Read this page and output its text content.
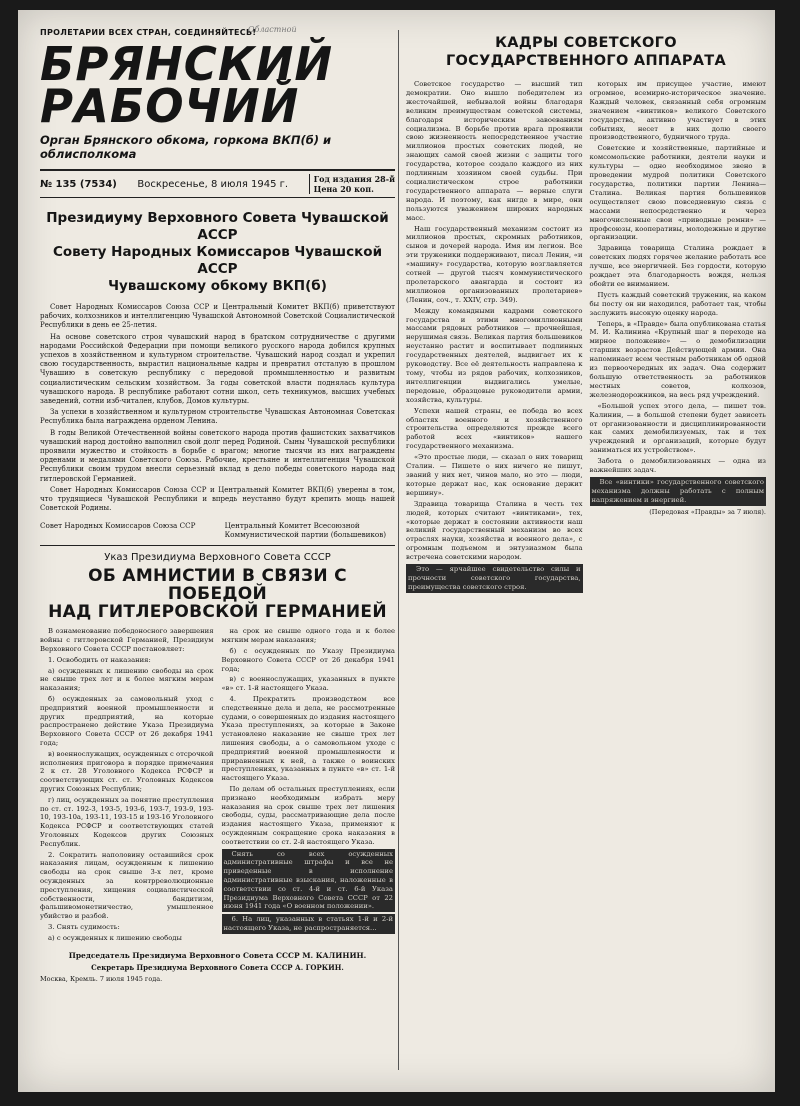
Областной
ПРОЛЕТАРИИ ВСЕХ СТРАН, СОЕДИНЯЙТЕСЬ!
БРЯНСКИЙ
РАБОЧИЙ
Орган Брянского обкома, горкома ВКП(б) и облисполкома
№ 135 (7534)	Воскресенье, 8 июля 1945 г.	Год издания 28-й
Цена 20 коп.
Президиуму Верховного Совета Чувашской АССР
Совету Народных Комиссаров Чувашской АССР
Чувашскому обкому ВКП(б)

Совет Народных Комиссаров Союза ССР и Центральный Комитет ВКП(б) приветствуют рабочих, колхозников и интеллигенцию Чувашской Автономной Советской Социалистической Республики в день ее 25-летия.

На основе советского строя чувашский народ в братском сотрудничестве с другими народами Российской Федерации при помощи великого русского народа добился крупных успехов в хозяйственном и культурном строительстве. Чувашский народ создал и укрепил свою государственность, вырастил национальные кадры и превратил отсталую в прошлом Чувашию в советскую республику с передовой промышленностью и развитым социалистическим сельским хозяйством. За годы советской власти поднялась культура чувашского народа. В республике работают сотни школ, сеть техникумов, высших учебных заведений, сотни изб-читален, клубов, Домов культуры.

За успехи в хозяйственном и культурном строительстве Чувашская Автономная Советская Республика была награждена орденом Ленина.

В годы Великой Отечественной войны советского народа против фашистских захватчиков чувашский народ достойно выполнил свой долг перед Родиной. Сыны Чувашской республики проявили мужество и стойкость в борьбе с врагом; многие тысячи из них награждены орденами и медалями Советского Союза. Рабочие, крестьяне и интеллигенция Чувашской Республики своим трудом внесли серьезный вклад в дело победы советского народа над гитлеровской Германией.

Совет Народных Комиссаров Союза ССР и Центральный Комитет ВКП(б) уверены в том, что трудящиеся Чувашской Республики и впредь неустанно будут крепить мощь нашей Советской Родины.

Совет Народных Комиссаров Союза ССР	Центральный Комитет Всесоюзной Коммунистической партии (большевиков)
Указ Президиума Верховного Совета СССР
ОБ АМНИСТИИ В СВЯЗИ С ПОБЕДОЙ
НАД ГИТЛЕРОВСКОЙ ГЕРМАНИЕЙ

В ознаменование победоносного завершения войны с гитлеровской Германией, Президиум Верховного Совета СССР постановляет:

1. Освободить от наказания:

а) осужденных к лишению свободы на срок не свыше трех лет и к более мягким мерам наказания;

б) осужденных за самовольный уход с предприятий военной промышленности и других предприятий, на которые распространено действие Указа Президиума Верховного Совета СССР от 26 декабря 1941 года;

в) военнослужащих, осужденных с отсрочкой исполнения приговора в порядке примечания 2 к ст. 28 Уголовного Кодекса РСФСР и соответствующих ст. ст. Уголовных Кодексов других Союзных Республик;

г) лиц, осужденных за понятие преступления по ст. ст. 192-3, 193-5, 193-6, 193-7, 193-9, 193-10, 193-10а, 193-11, 193-15 и 193-16 Уголовного Кодекса РСФСР и соответствующих статей Уголовных Кодексов других Союзных Республик.

2. Сократить наполовину оставшийся срок наказания лицам, осужденным к лишению свободы на срок свыше 3-х лет, кроме осужденных за контрреволюционные преступления, хищения социалистической собственности, бандитизм, фальшивомонетничество, умышленное убийство и разбой.

3. Снять судимость:

а) с осужденных к лишению свободы

на срок не свыше одного года и к более мягким мерам наказания;

б) с осужденных по Указу Президиума Верховного Совета СССР от 26 декабря 1941 года;

в) с военнослужащих, указанных в пункте «в» ст. 1-й настоящего Указа.

4. Прекратить производством все следственные дела и дела, не рассмотренные судами, о совершенных до издания настоящего Указа преступлениях, за которые в Законе установлено наказание не свыше трех лет лишения свободы, а о самовольном уходе с предприятий военной промышленности и приравненных к ней, а также о воинских преступлениях, указанных в пункте «в» ст. 1-й настоящего Указа.

По делам об остальных преступлениях, если признано необходимым избрать меру наказания на срок свыше трех лет лишения свободы, суды, рассматривающие дела после издания настоящего Указа, применяют к осужденным сокращение срока наказания в соответствии со ст. 2-й настоящего Указа.

Снять со всех осужденных административные штрафы и все не приведенные в исполнение административные взыскания, наложенные в соответствии со ст. 4-й и ст. 6-й Указа Президиума Верховного Совета СССР от 22 июня 1941 года «О военном положении».

6. На лиц, указанных в статьях 1-й и 2-й настоящего Указа, не распространяется...

Председатель Президиума Верховного Совета СССР М. КАЛИНИН.
Секретарь Президиума Верховного Совета СССР А. ГОРКИН.
Москва, Кремль. 7 июля 1945 года.
КАДРЫ СОВЕТСКОГО
ГОСУДАРСТВЕННОГО АППАРАТА

Советское государство — высший тип демократии. Оно вышло победителем из жесточайшей, небывалой войны благодаря великим преимуществам советской системы, благодаря историческим завоеваниям социализма. В борьбе против врага проявили свою жизненность непосредственное участие миллионов простых советских людей, не знающих самой своей жизни с защиты того государства, которое создало каждого из них подлинным хозяином своей судьбы. При социалистическом строе работники государственного аппарата — верные слуги народа. И поэтому, как нигде в мире, они пользуются уважением широких народных масс.

Наш государственный механизм состоит из миллионов простых, скромных работников, сынов и дочерей народа. Имя им легион. Все эти труженики поддерживают, писал Ленин, «и «машину» государства, которую возглавляется сотней — другой тысяч коммунистического пролетарского авангарда и состоит из миллионов организованных пролетариев» (Ленин, соч., т. XXIV, стр. 349).

Между командными кадрами советского государства и этими многомиллионными массами рядовых работников — прочнейшая, нерушимая связь. Великая партия большевиков неустанно растит и воспитывает подлинных государственных деятелей, выдвигает их к руководству. Все её деятельность направлена к тому, чтобы из рядов рабочих, колхозников, интеллигенции выдвигались умелые, передовые, образцовые руководители армии, хозяйства, культуры.

Успехи нашей страны, ее победа во всех областях военного и хозяйственного строительства определяются прежде всего работой всех «винтиков» нашего государственного механизма.

«Это простые люди, — сказал о них товарищ Сталин. — Пишете о них ничего не пишут, званий у них нет, чинов мало, но это — люди, которые держат нас, как основание держит вершину».

Здравица товарища Сталина в честь тех людей, которых считают «винтиками», тех, «которые держат в состоянии активности наш великий государственный механизм во всех отраслях науки, хозяйства и военного дела», с огромным подъемом и энтузиазмом была встречена советскими народом.

Это — ярчайшее свидетельство силы и прочности советского государства, преимущества советского строя.

которых им присущее участие, имеют огромное, всемирно-историческое значение. Каждый человек, связанный себя огромным значением «винтиков» великого Советского государства, активно участвует в этих событиях, несет в них долю своего производственного, будничного труда.

Советские и хозяйственные, партийные и комсомольские работники, деятели науки и культуры — одно необходимое звено в проведении мудрой политики Советского государства, политики партии Ленина—Сталина. Великая партия большевиков осуществляет свою повседневную связь с массами непосредственно и через многочисленные свои «приводные ремни» — профсоюзы, кооперативы, молодежные и другие организации.

Здравица товарища Сталина рождает в советских людях горячее желание работать все лучше, все энергичней. Без гордости, которую рождает эта благодарность вождя, нельзя обойти ее вниманием.

Пусть каждый советский труженик, на каком бы посту он ни находился, работает так, чтобы заслужить высокую оценку народа.

Теперь, в «Правде» была опубликована статья М. И. Калинина «Крупный шаг в переходе на мирное положение» — о демобилизации старших возрастов Действующей армии. Она напоминает всем честным работникам об одной из первоочередных их задач. Она содержит большую ответственность за работников местных советов, колхозов, железнодорожников, на весь ряд учреждений.

«Большой успех этого дела, — пишет тов. Калинин, — в большой степени будет зависеть от организованности и дисциплинированности как самих демобилизуемых, так и тех учреждений и организаций, которые будут заниматься их устройством».

Забота о демобилизованных — одна из важнейших задач.

Все «винтики» государственного советского механизма должны работать с полным напряжением и энергией.

(Передовая «Правды» за 7 июля).
